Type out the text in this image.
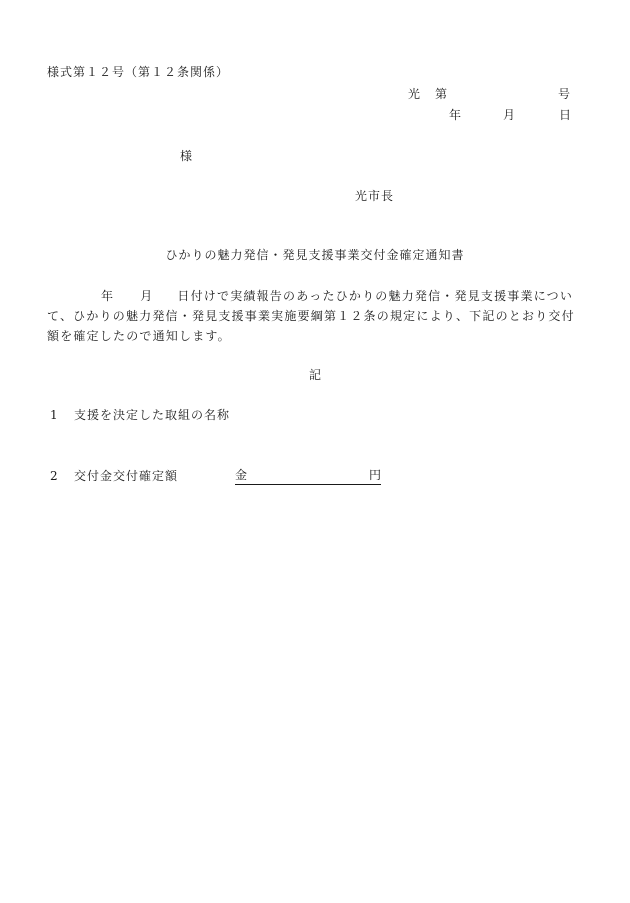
様式第１２号（第１２条関係）
光 第	号
年	月	日
様
光市長
ひかりの魅力発信・発見支援事業交付金確定通知書
年 月 日付けで実績報告のあったひかりの魅力発信・発見支援事業につい
て、ひかりの魅力発信・発見支援事業実施要綱第１２条の規定により、下記のとおり交付
額を確定したので通知します。
記
1 支援を決定した取組の名称
2 交付金交付確定額	金	円
